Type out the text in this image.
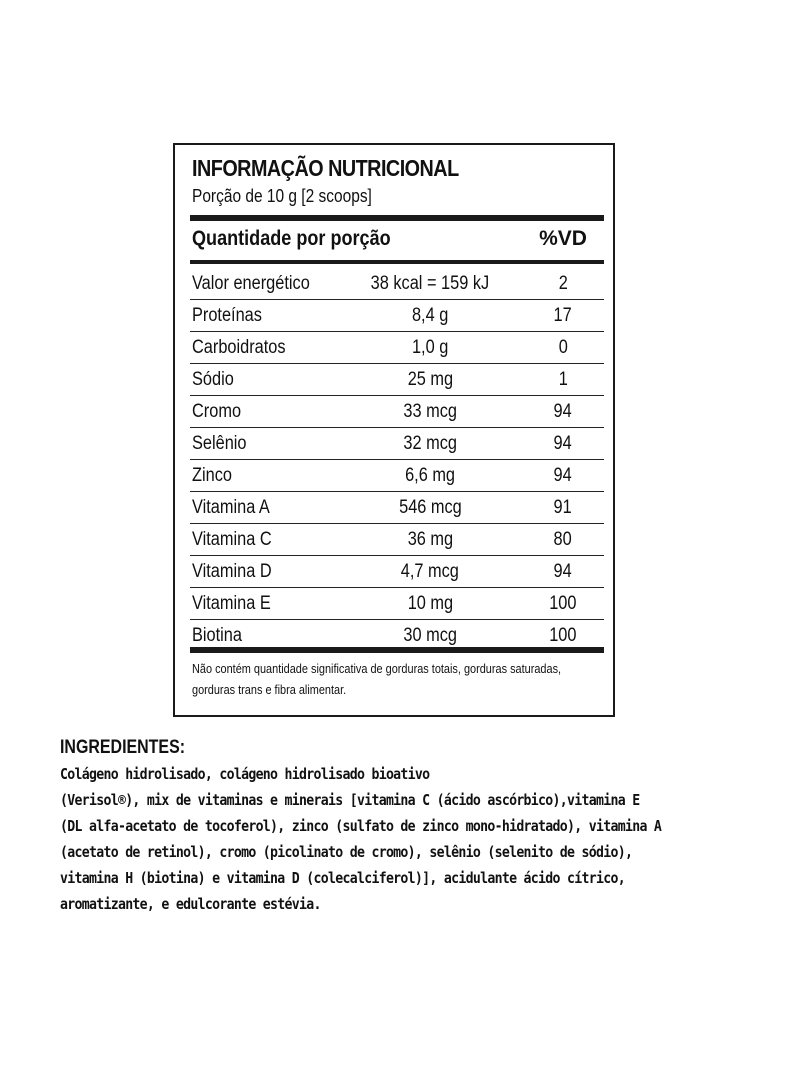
INFORMAÇÃO NUTRICIONAL
Porção de 10 g [2 scoops]
Quantidade por porção	%VD
Valor energético	38 kcal = 159 kJ	2
Proteínas	8,4 g	17
Carboidratos	1,0 g	0
Sódio	25 mg	1
Cromo	33 mcg	94
Selênio	32 mcg	94
Zinco	6,6 mg	94
Vitamina A	546 mcg	91
Vitamina C	36 mg	80
Vitamina D	4,7 mcg	94
Vitamina E	10 mg	100
Biotina	30 mcg	100
Não contém quantidade significativa de gorduras totais, gorduras saturadas,
gorduras trans e fibra alimentar.
INGREDIENTES:
Colágeno hidrolisado, colágeno hidrolisado bioativo
(Verisol®), mix de vitaminas e minerais [vitamina C (ácido ascórbico),vitamina E
(DL alfa-acetato de tocoferol), zinco (sulfato de zinco mono-hidratado), vitamina A
(acetato de retinol), cromo (picolinato de cromo), selênio (selenito de sódio),
vitamina H (biotina) e vitamina D (colecalciferol)], acidulante ácido cítrico,
aromatizante, e edulcorante estévia.
